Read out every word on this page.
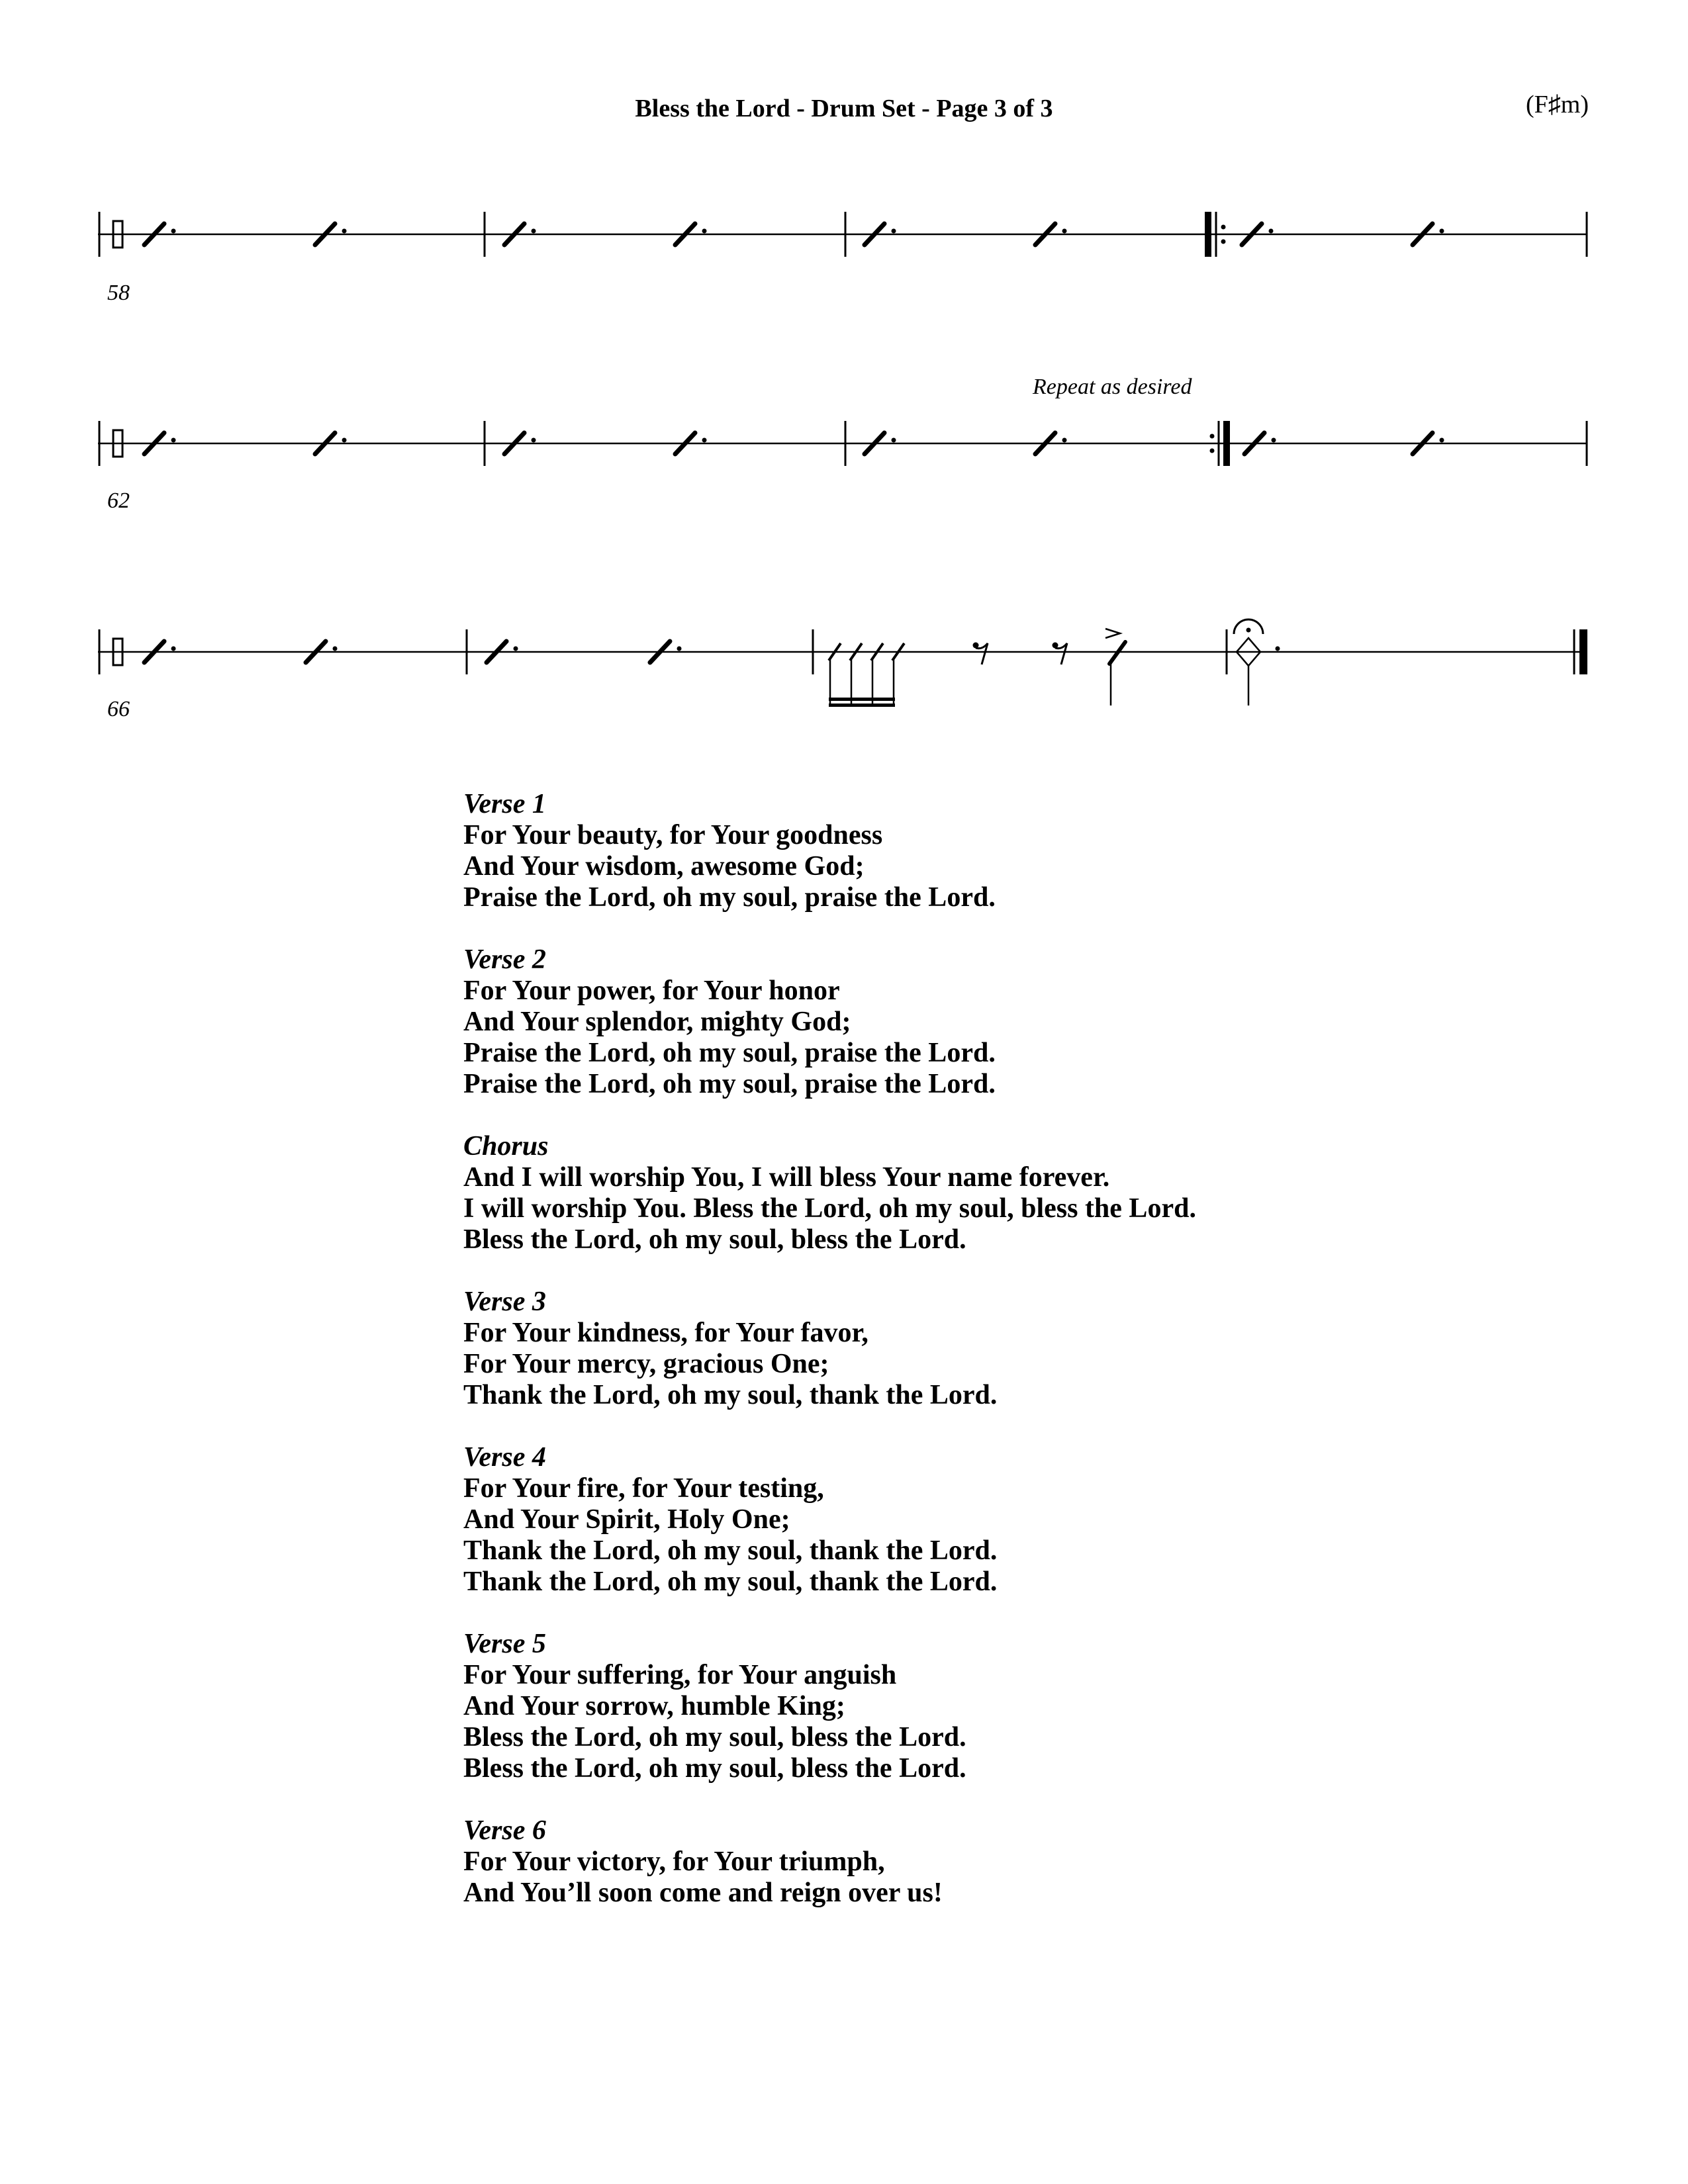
Bless the Lord - Drum Set - Page 3 of 3	(F♯m)
58
62
66
Repeat as desired
Verse 1
For Your beauty, for Your goodness
And Your wisdom, awesome God;
Praise the Lord, oh my soul, praise the Lord.
Verse 2
For Your power, for Your honor
And Your splendor, mighty God;
Praise the Lord, oh my soul, praise the Lord.
Praise the Lord, oh my soul, praise the Lord.
Chorus
And I will worship You, I will bless Your name forever.
I will worship You. Bless the Lord, oh my soul, bless the Lord.
Bless the Lord, oh my soul, bless the Lord.
Verse 3
For Your kindness, for Your favor,
For Your mercy, gracious One;
Thank the Lord, oh my soul, thank the Lord.
Verse 4
For Your fire, for Your testing,
And Your Spirit, Holy One;
Thank the Lord, oh my soul, thank the Lord.
Thank the Lord, oh my soul, thank the Lord.
Verse 5
For Your suffering, for Your anguish
And Your sorrow, humble King;
Bless the Lord, oh my soul, bless the Lord.
Bless the Lord, oh my soul, bless the Lord.
Verse 6
For Your victory, for Your triumph,
And You’ll soon come and reign over us!
